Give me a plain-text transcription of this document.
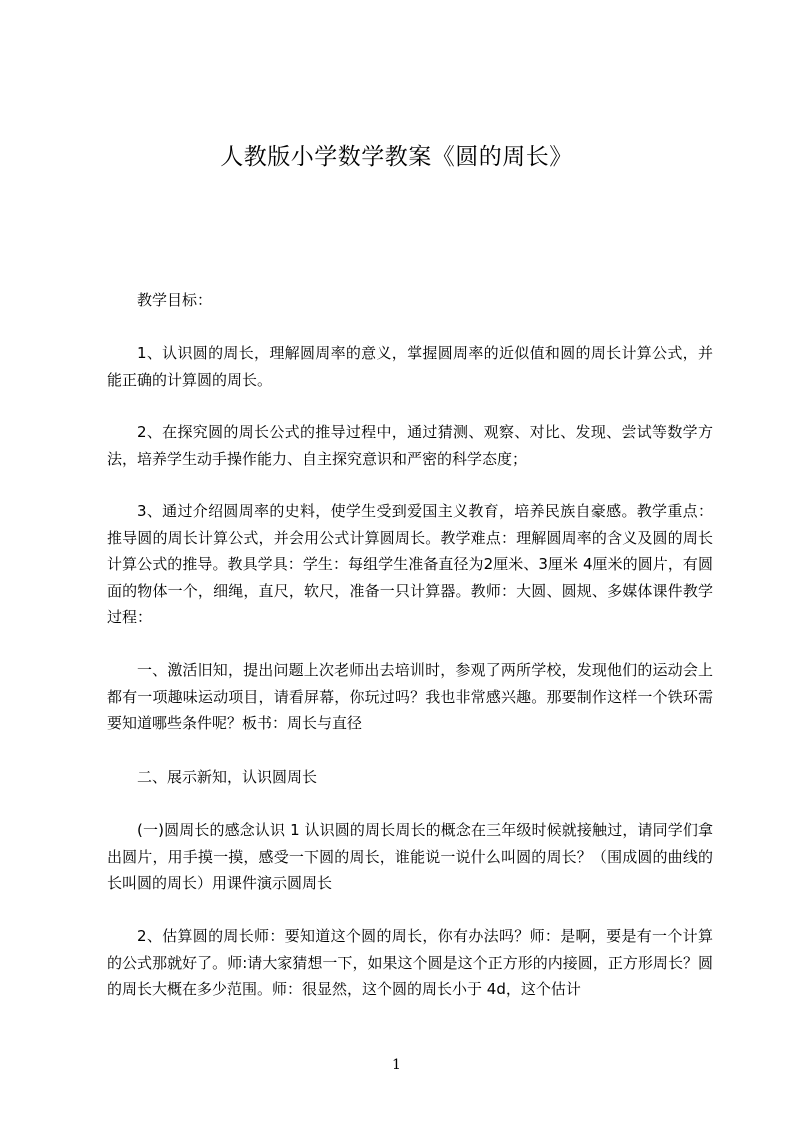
人教版小学数学教案《圆的周长》

教学目标：

1、认识圆的周长，理解圆周率的意义，掌握圆周率的近似值和圆的周长计算公式，并能正确的计算圆的周长。

2、在探究圆的周长公式的推导过程中，通过猜测、观察、对比、发现、尝试等数学方法，培养学生动手操作能力、自主探究意识和严密的科学态度；

3、通过介绍圆周率的史料，使学生受到爱国主义教育，培养民族自豪感。教学重点：推导圆的周长计算公式，并会用公式计算圆周长。教学难点：理解圆周率的含义及圆的周长计算公式的推导。教具学具：学生：每组学生准备直径为2厘米、3厘米 4厘米的圆片，有圆面的物体一个，细绳，直尺，软尺，准备一只计算器。教师：大圆、圆规、多媒体课件教学过程：

一、激活旧知，提出问题上次老师出去培训时，参观了两所学校，发现他们的运动会上都有一项趣味运动项目，请看屏幕，你玩过吗？我也非常感兴趣。那要制作这样一个铁环需要知道哪些条件呢？板书：周长与直径

二、展示新知，认识圆周长

(一)圆周长的感念认识 1 认识圆的周长周长的概念在三年级时候就接触过，请同学们拿出圆片，用手摸一摸，感受一下圆的周长，谁能说一说什么叫圆的周长？（围成圆的曲线的长叫圆的周长）用课件演示圆周长

2、估算圆的周长师：要知道这个圆的周长，你有办法吗？师：是啊，要是有一个计算的公式那就好了。师:请大家猜想一下，如果这个圆是这个正方形的内接圆，正方形周长？圆的周长大概在多少范围。师：很显然，这个圆的周长小于 4d，这个估计

1
